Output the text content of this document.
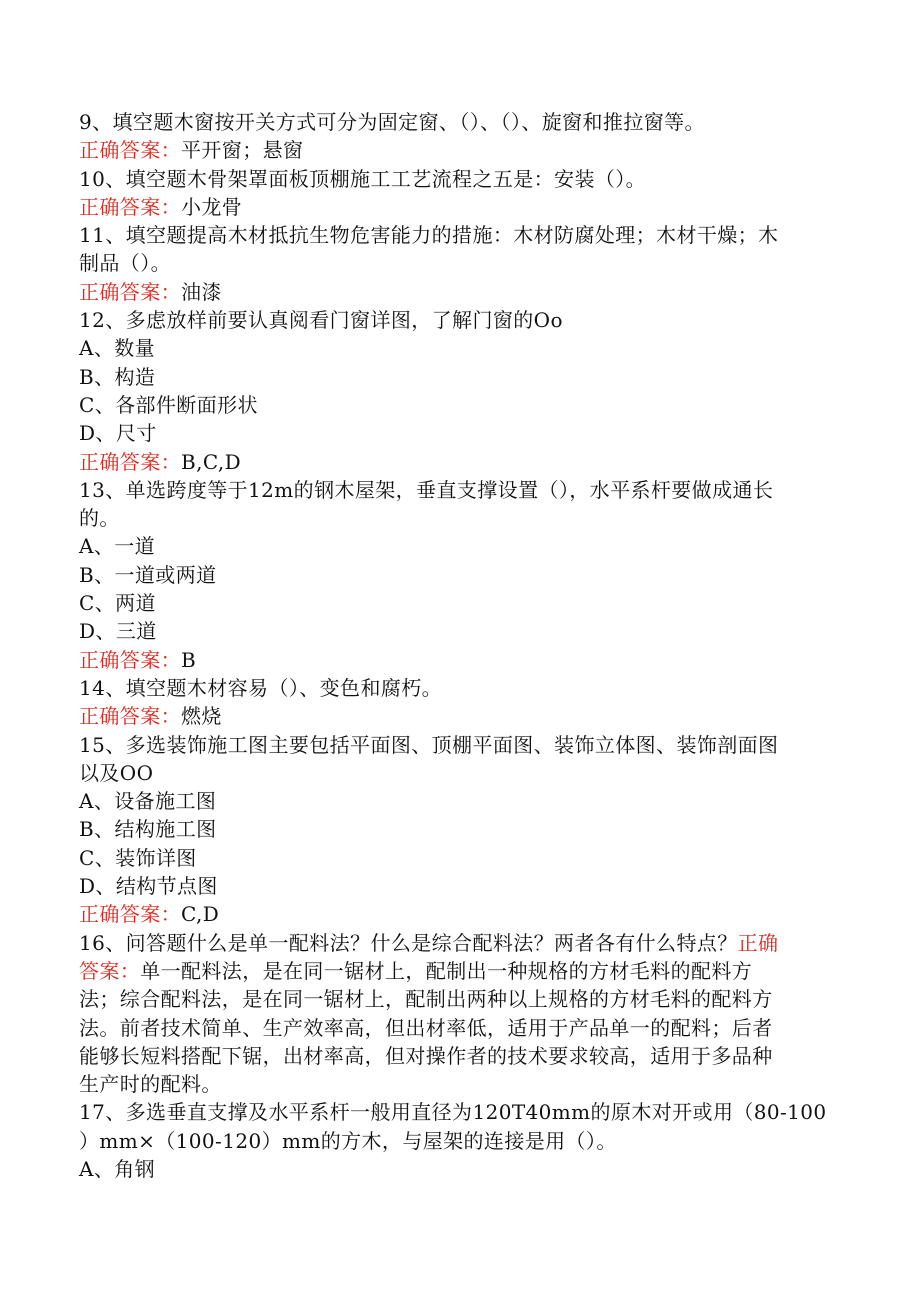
9、填空题木窗按开关方式可分为固定窗、（）、（）、旋窗和推拉窗等。
正确答案：平开窗；悬窗
10、填空题木骨架罩面板顶棚施工工艺流程之五是：安装（）。
正确答案：小龙骨
11、填空题提高木材抵抗生物危害能力的措施：木材防腐处理；木材干燥；木
制品（）。
正确答案：油漆
12、多虑放样前要认真阅看门窗详图，了解门窗的Oo
A、数量
B、构造
C、各部件断面形状
D、尺寸
正确答案：B,C,D
13、单选跨度等于12m的钢木屋架，垂直支撑设置（），水平系杆要做成通长
的。
A、一道
B、一道或两道
C、两道
D、三道
正确答案：B
14、填空题木材容易（）、变色和腐朽。
正确答案：燃烧
15、多选装饰施工图主要包括平面图、顶棚平面图、装饰立体图、装饰剖面图
以及OO
A、设备施工图
B、结构施工图
C、装饰详图
D、结构节点图
正确答案：C,D
16、问答题什么是单一配料法？什么是综合配料法？两者各有什么特点？正确
答案：单一配料法，是在同一锯材上，配制出一种规格的方材毛料的配料方
法；综合配料法，是在同一锯材上，配制出两种以上规格的方材毛料的配料方
法。前者技术简单、生产效率高，但出材率低，适用于产品单一的配料；后者
能够长短料搭配下锯，出材率高，但对操作者的技术要求较高，适用于多品种
生产时的配料。
17、多选垂直支撑及水平系杆一般用直径为120T40mm的原木对开或用（80-100
）mm×（100-120）mm的方木，与屋架的连接是用（）。
A、角钢
